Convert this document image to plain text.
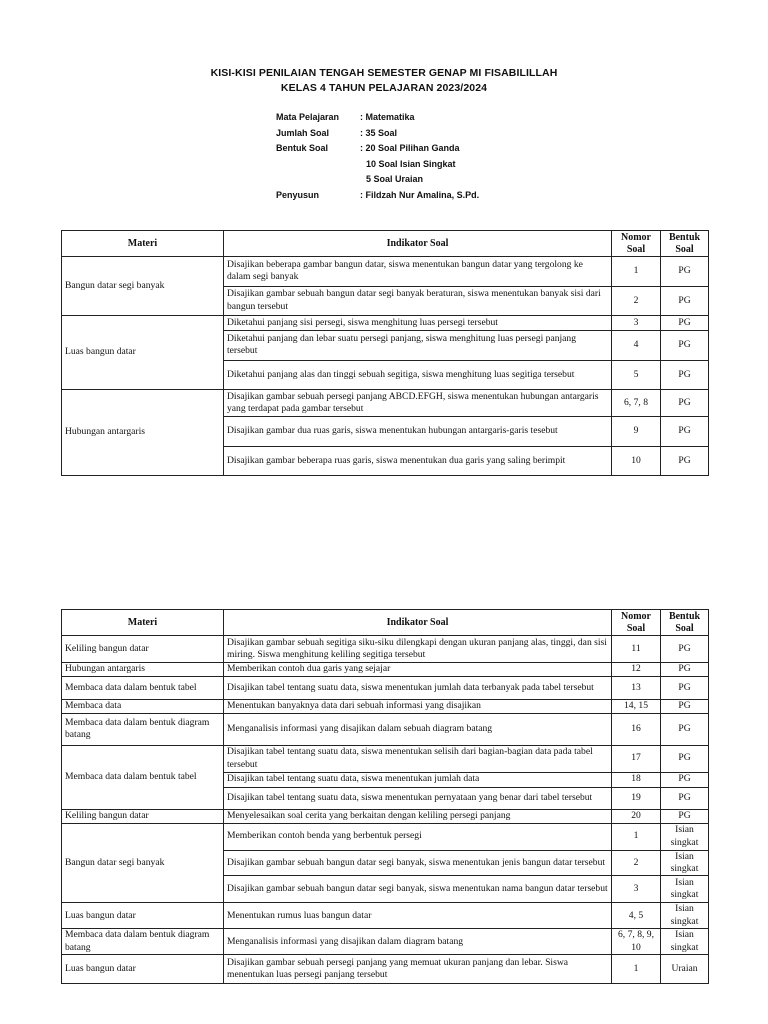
KISI-KISI PENILAIAN TENGAH SEMESTER GENAP MI FISABILILLAH
KELAS 4 TAHUN PELAJARAN 2023/2024
Mata Pelajaran	: Matematika
Jumlah Soal	: 35 Soal
Bentuk Soal	: 20 Soal Pilihan Ganda
10 Soal Isian Singkat
5 Soal Uraian
Penyusun	: Fildzah Nur Amalina, S.Pd.
Materi	Indikator Soal	Nomor Soal	Bentuk Soal
Bangun datar segi banyak	Disajikan beberapa gambar bangun datar, siswa menentukan bangun datar yang tergolong ke dalam segi banyak	1	PG
	Disajikan gambar sebuah bangun datar segi banyak beraturan, siswa menentukan banyak sisi dari bangun tersebut	2	PG
Luas bangun datar	Diketahui panjang sisi persegi, siswa menghitung luas persegi tersebut	3	PG
	Diketahui panjang dan lebar suatu persegi panjang, siswa menghitung luas persegi panjang tersebut	4	PG
	Diketahui panjang alas dan tinggi sebuah segitiga, siswa menghitung luas segitiga tersebut	5	PG
Hubungan antargaris	Disajikan gambar sebuah persegi panjang ABCD.EFGH, siswa menentukan hubungan antargaris yang terdapat pada gambar tersebut	6, 7, 8	PG
	Disajikan gambar dua ruas garis, siswa menentukan hubungan antargaris-garis tesebut	9	PG
	Disajikan gambar beberapa ruas garis, siswa menentukan dua garis yang saling berimpit	10	PG
Materi	Indikator Soal	Nomor Soal	Bentuk Soal
Keliling bangun datar	Disajikan gambar sebuah segitiga siku-siku dilengkapi dengan ukuran panjang alas, tinggi, dan sisi miring. Siswa menghitung keliling segitiga tersebut	11	PG
Hubungan antargaris	Memberikan contoh dua garis yang sejajar	12	PG
Membaca data dalam bentuk tabel	Disajikan tabel tentang suatu data, siswa menentukan jumlah data terbanyak pada tabel tersebut	13	PG
Membaca data	Menentukan banyaknya data dari sebuah informasi yang disajikan	14, 15	PG
Membaca data dalam bentuk diagram batang	Menganalisis informasi yang disajikan dalam sebuah diagram batang	16	PG
Membaca data dalam bentuk tabel	Disajikan tabel tentang suatu data, siswa menentukan selisih dari bagian-bagian data pada tabel tersebut	17	PG
	Disajikan tabel tentang suatu data, siswa menentukan jumlah data	18	PG
	Disajikan tabel tentang suatu data, siswa menentukan pernyataan yang benar dari tabel tersebut	19	PG
Keliling bangun datar	Menyelesaikan soal cerita yang berkaitan dengan keliling persegi panjang	20	PG
Bangun datar segi banyak	Memberikan contoh benda yang berbentuk persegi	1	Isian singkat
	Disajikan gambar sebuah bangun datar segi banyak, siswa menentukan jenis bangun datar tersebut	2	Isian singkat
	Disajikan gambar sebuah bangun datar segi banyak, siswa menentukan nama bangun datar tersebut	3	Isian singkat
Luas bangun datar	Menentukan rumus luas bangun datar	4, 5	Isian singkat
Membaca data dalam bentuk diagram batang	Menganalisis informasi yang disajikan dalam diagram batang	6, 7, 8, 9, 10	Isian singkat
Luas bangun datar	Disajikan gambar sebuah persegi panjang yang memuat ukuran panjang dan lebar. Siswa menentukan luas persegi panjang tersebut	1	Uraian
